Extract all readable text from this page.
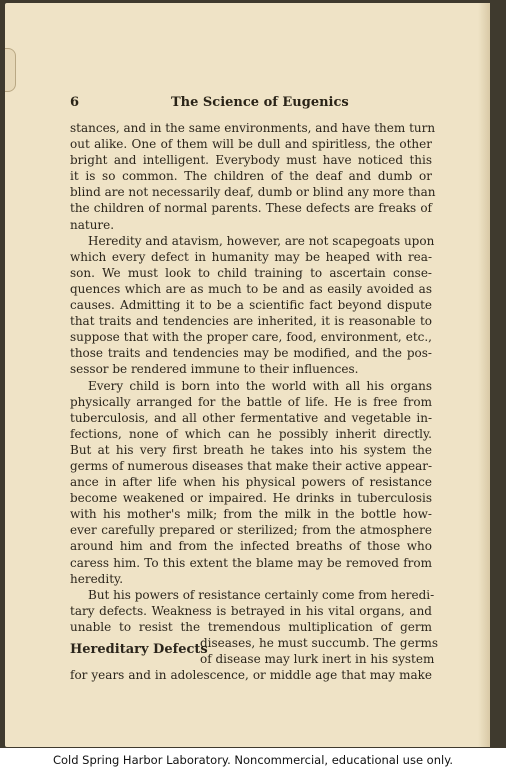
6	The Science of Eugenics
stances, and in the same environments, and have them turn
out alike. One of them will be dull and spiritless, the other
bright and intelligent. Everybody must have noticed this
it is so common. The children of the deaf and dumb or
blind are not necessarily deaf, dumb or blind any more than
the children of normal parents. These defects are freaks of
nature.
Heredity and atavism, however, are not scapegoats upon
which every defect in humanity may be heaped with rea-
son. We must look to child training to ascertain conse-
quences which are as much to be and as easily avoided as
causes. Admitting it to be a scientific fact beyond dispute
that traits and tendencies are inherited, it is reasonable to
suppose that with the proper care, food, environment, etc.,
those traits and tendencies may be modified, and the pos-
sessor be rendered immune to their influences.
Every child is born into the world with all his organs
physically arranged for the battle of life. He is free from
tuberculosis, and all other fermentative and vegetable in-
fections, none of which can he possibly inherit directly.
But at his very first breath he takes into his system the
germs of numerous diseases that make their active appear-
ance in after life when his physical powers of resistance
become weakened or impaired. He drinks in tuberculosis
with his mother's milk; from the milk in the bottle how-
ever carefully prepared or sterilized; from the atmosphere
around him and from the infected breaths of those who
caress him. To this extent the blame may be removed from
heredity.
But his powers of resistance certainly come from heredi-
tary defects. Weakness is betrayed in his vital organs, and
unable to resist the tremendous multiplication of germ
Hereditary Defects
diseases, he must succumb. The germs
of disease may lurk inert in his system
for years and in adolescence, or middle age that may make
Cold Spring Harbor Laboratory. Noncommercial, educational use only.
